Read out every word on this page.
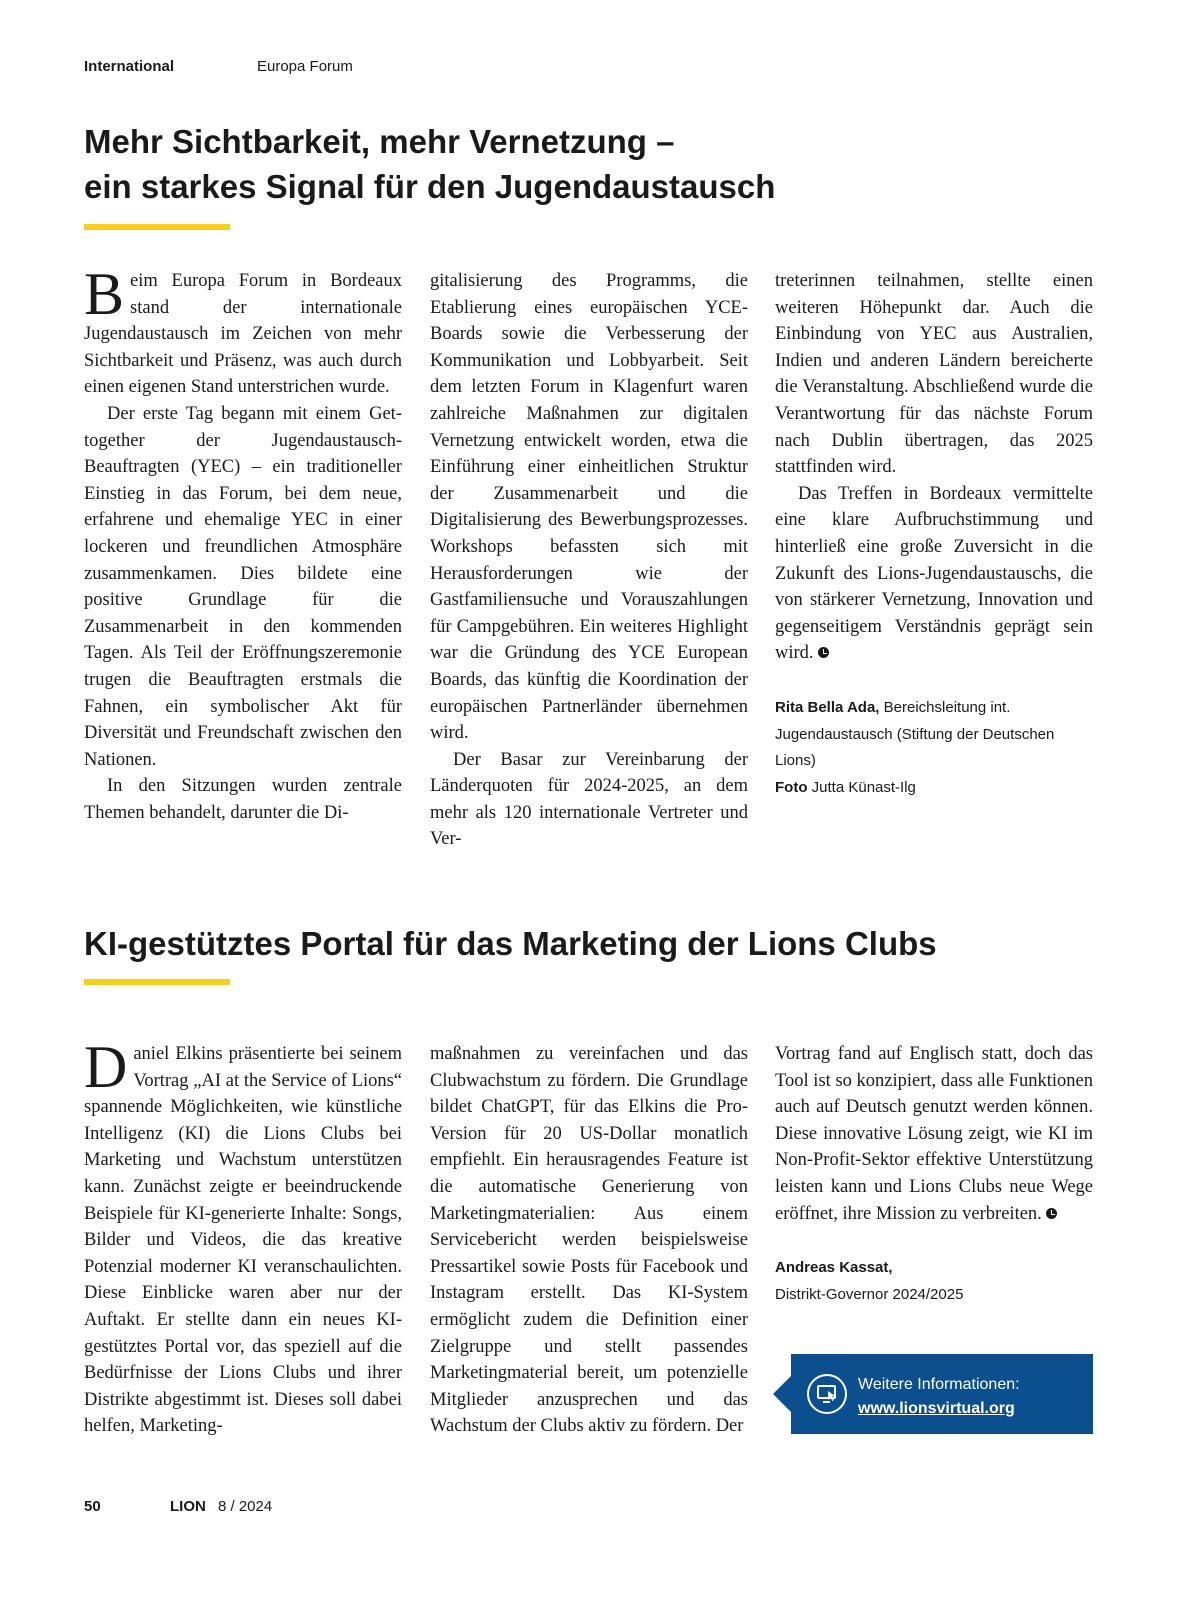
International	Europa Forum
Mehr Sichtbarkeit, mehr Vernetzung –
ein starkes Signal für den Jugendaustausch

Beim Europa Forum in Bordeaux stand der internationale Jugendaustausch im Zeichen von mehr Sichtbarkeit und Präsenz, was auch durch einen eigenen Stand unterstrichen wurde.

Der erste Tag begann mit einem Get-together der Jugendaustausch-Beauftragten (YEC) – ein traditioneller Einstieg in das Forum, bei dem neue, erfahrene und ehemalige YEC in einer lockeren und freundlichen Atmosphäre zusammenkamen. Dies bildete eine positive Grundlage für die Zusammenarbeit in den kommenden Tagen. Als Teil der Eröffnungszeremonie trugen die Beauftragten erstmals die Fahnen, ein symbolischer Akt für Diversität und Freundschaft zwischen den Nationen.

In den Sitzungen wurden zentrale Themen behandelt, darunter die Di-

gitalisierung des Programms, die Etablierung eines europäischen YCE-Boards sowie die Verbesserung der Kommunikation und Lobbyarbeit. Seit dem letzten Forum in Klagenfurt waren zahlreiche Maßnahmen zur digitalen Vernetzung entwickelt worden, etwa die Einführung einer einheitlichen Struktur der Zusammenarbeit und die Digitalisierung des Bewerbungsprozesses. Workshops befassten sich mit Herausforderungen wie der Gastfamiliensuche und Vorauszahlungen für Campgebühren. Ein weiteres Highlight war die Gründung des YCE European Boards, das künftig die Koordination der europäischen Partnerländer übernehmen wird.

Der Basar zur Vereinbarung der Länderquoten für 2024-2025, an dem mehr als 120 internationale Vertreter und Ver-

treterinnen teilnahmen, stellte einen weiteren Höhepunkt dar. Auch die Einbindung von YEC aus Australien, Indien und anderen Ländern bereicherte die Veranstaltung. Abschließend wurde die Verantwortung für das nächste Forum nach Dublin übertragen, das 2025 stattfinden wird.

Das Treffen in Bordeaux vermittelte eine klare Aufbruchstimmung und hinterließ eine große Zuversicht in die Zukunft des Lions-Jugendaustauschs, die von stärkerer Vernetzung, Innovation und gegenseitigem Verständnis geprägt sein wird.

Rita Bella Ada, Bereichsleitung int. Jugendaustausch (Stiftung der Deutschen Lions)
Foto Jutta Künast-Ilg
KI-gestütztes Portal für das Marketing der Lions Clubs

Daniel Elkins präsentierte bei seinem Vortrag „AI at the Service of Lions“ spannende Möglichkeiten, wie künstliche Intelligenz (KI) die Lions Clubs bei Marketing und Wachstum unterstützen kann. Zunächst zeigte er beeindruckende Beispiele für KI-generierte Inhalte: Songs, Bilder und Videos, die das kreative Potenzial moderner KI veranschaulichten. Diese Einblicke waren aber nur der Auftakt. Er stellte dann ein neues KI-gestütztes Portal vor, das speziell auf die Bedürfnisse der Lions Clubs und ihrer Distrikte abgestimmt ist. Dieses soll dabei helfen, Marketing-

maßnahmen zu vereinfachen und das Clubwachstum zu fördern. Die Grundlage bildet ChatGPT, für das Elkins die Pro-Version für 20 US-Dollar monatlich empfiehlt. Ein herausragendes Feature ist die automatische Generierung von Marketingmaterialien: Aus einem Servicebericht werden beispielsweise Pressartikel sowie Posts für Facebook und Instagram erstellt. Das KI-System ermöglicht zudem die Definition einer Zielgruppe und stellt passendes Marketingmaterial bereit, um potenzielle Mitglieder anzusprechen und das Wachstum der Clubs aktiv zu fördern. Der

Vortrag fand auf Englisch statt, doch das Tool ist so konzipiert, dass alle Funktionen auch auf Deutsch genutzt werden können. Diese innovative Lösung zeigt, wie KI im Non-Profit-Sektor effektive Unterstützung leisten kann und Lions Clubs neue Wege eröffnet, ihre Mission zu verbreiten.

Andreas Kassat,
Distrikt-Governor 2024/2025
Weitere Informationen:
www.lionsvirtual.org
50	LION 8 / 2024
